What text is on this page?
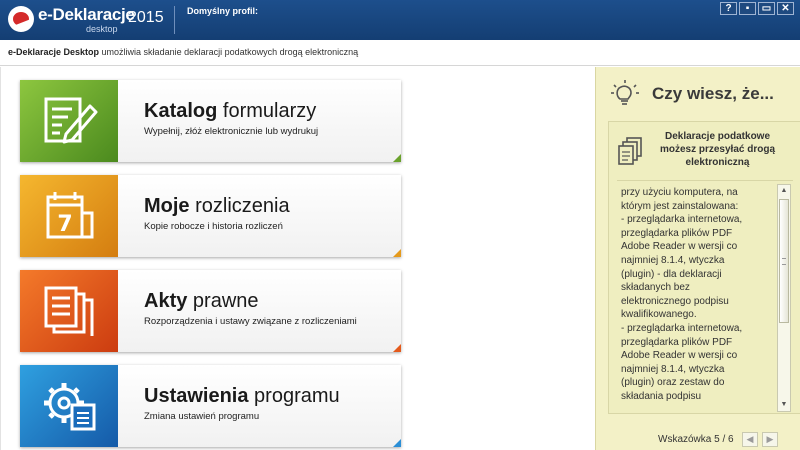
e-Deklaracje
desktop
2015	Domyślny profil:	?	▪	▭	✕
e-Deklaracje Desktop umożliwia składanie deklaracji podatkowych drogą elektroniczną
Katalog formularzy
Wypełnij, złóż elektronicznie lub wydrukuj
7
Moje rozliczenia
Kopie robocze i historia rozliczeń
Akty prawne
Rozporządzenia i ustawy związane z rozliczeniami
Ustawienia programu
Zmiana ustawień programu
Czy wiesz, że...
Deklaracje podatkowe możesz przesyłać drogą elektroniczną
przy użyciu komputera, na
którym jest zainstalowana:
- przeglądarka internetowa,
przeglądarka plików PDF
Adobe Reader w wersji co
najmniej 8.1.4, wtyczka
(plugin) - dla deklaracji
składanych bez
elektronicznego podpisu
kwalifikowanego.
- przeglądarka internetowa,
przeglądarka plików PDF
Adobe Reader w wersji co
najmniej 8.1.4, wtyczka
(plugin) oraz zestaw do
składania podpisu
▲
▼
Wskazówka 5 / 6	◀	▶
